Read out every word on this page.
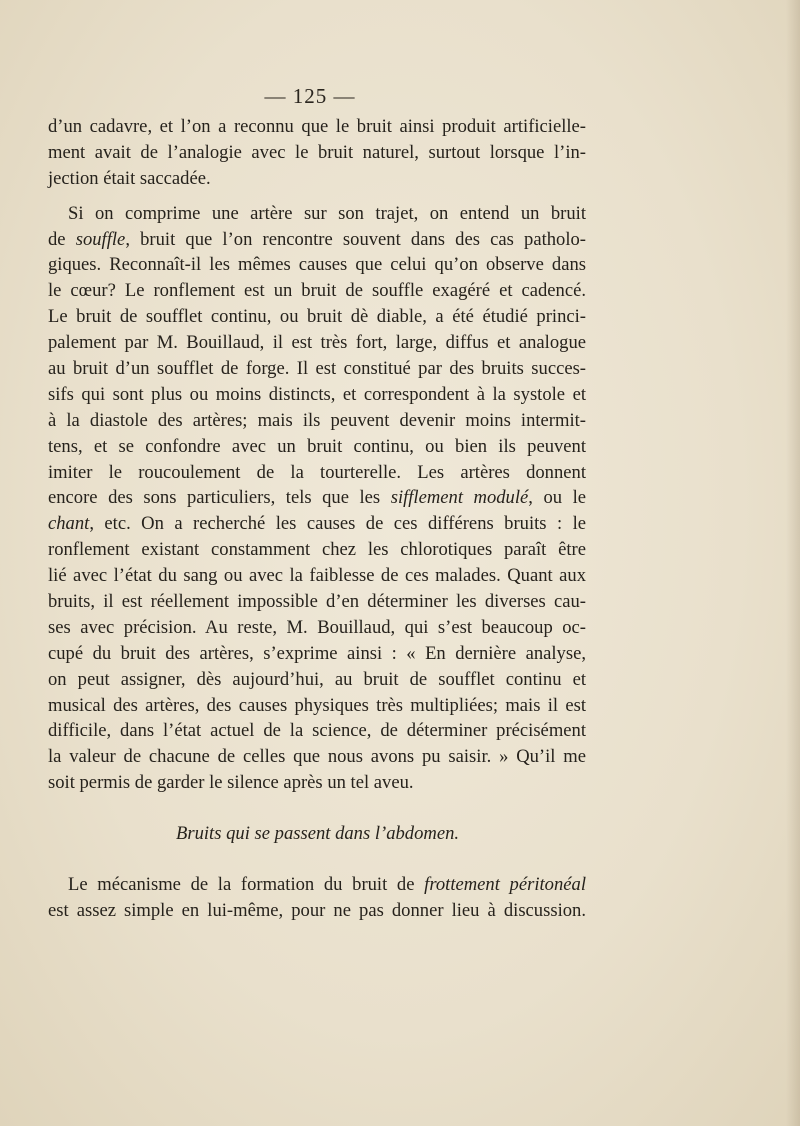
— 125 —
d’un cadavre, et l’on a reconnu que le bruit ainsi produit artificielle-
ment avait de l’analogie avec le bruit naturel, surtout lorsque l’in-
jection était saccadée.
Si on comprime une artère sur son trajet, on entend un bruit
de souffle, bruit que l’on rencontre souvent dans des cas patholo-
giques. Reconnaît-il les mêmes causes que celui qu’on observe dans
le cœur? Le ronflement est un bruit de souffle exagéré et cadencé.
Le bruit de soufflet continu, ou bruit dè diable, a été étudié princi-
palement par M. Bouillaud, il est très fort, large, diffus et analogue
au bruit d’un soufflet de forge. Il est constitué par des bruits succes-
sifs qui sont plus ou moins distincts, et correspondent à la systole et
à la diastole des artères; mais ils peuvent devenir moins intermit-
tens, et se confondre avec un bruit continu, ou bien ils peuvent
imiter le roucoulement de la tourterelle. Les artères donnent
encore des sons particuliers, tels que les sifflement modulé, ou le
chant, etc. On a recherché les causes de ces différens bruits : le
ronflement existant constamment chez les chlorotiques paraît être
lié avec l’état du sang ou avec la faiblesse de ces malades. Quant aux
bruits, il est réellement impossible d’en déterminer les diverses cau-
ses avec précision. Au reste, M. Bouillaud, qui s’est beaucoup oc-
cupé du bruit des artères, s’exprime ainsi : « En dernière analyse,
on peut assigner, dès aujourd’hui, au bruit de soufflet continu et
musical des artères, des causes physiques très multipliées; mais il est
difficile, dans l’état actuel de la science, de déterminer précisément
la valeur de chacune de celles que nous avons pu saisir. » Qu’il me
soit permis de garder le silence après un tel aveu.
Bruits qui se passent dans l’abdomen.
Le mécanisme de la formation du bruit de frottement péritonéal
est assez simple en lui-même, pour ne pas donner lieu à discussion.
